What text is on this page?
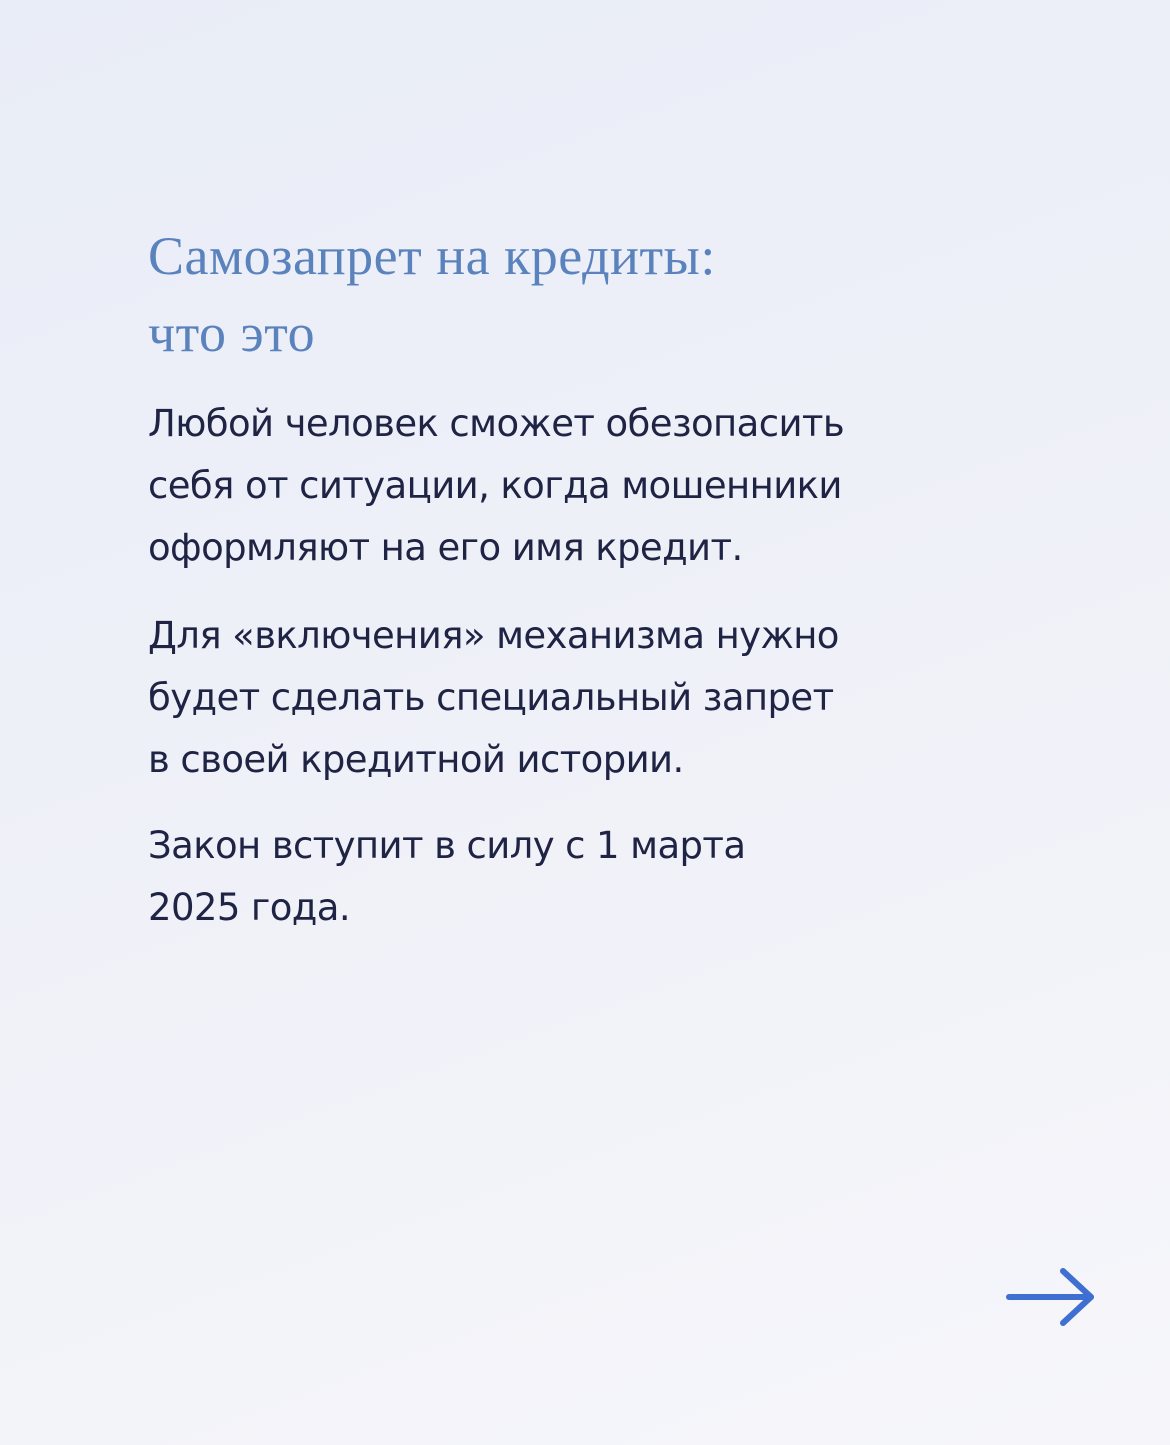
Самозапрет на кредиты:
что это

Любой человек сможет обезопасить
себя от ситуации, когда мошенники
оформляют на его имя кредит.

Для «включения» механизма нужно
будет сделать специальный запрет
в своей кредитной истории.

Закон вступит в силу с 1 марта
2025 года.
